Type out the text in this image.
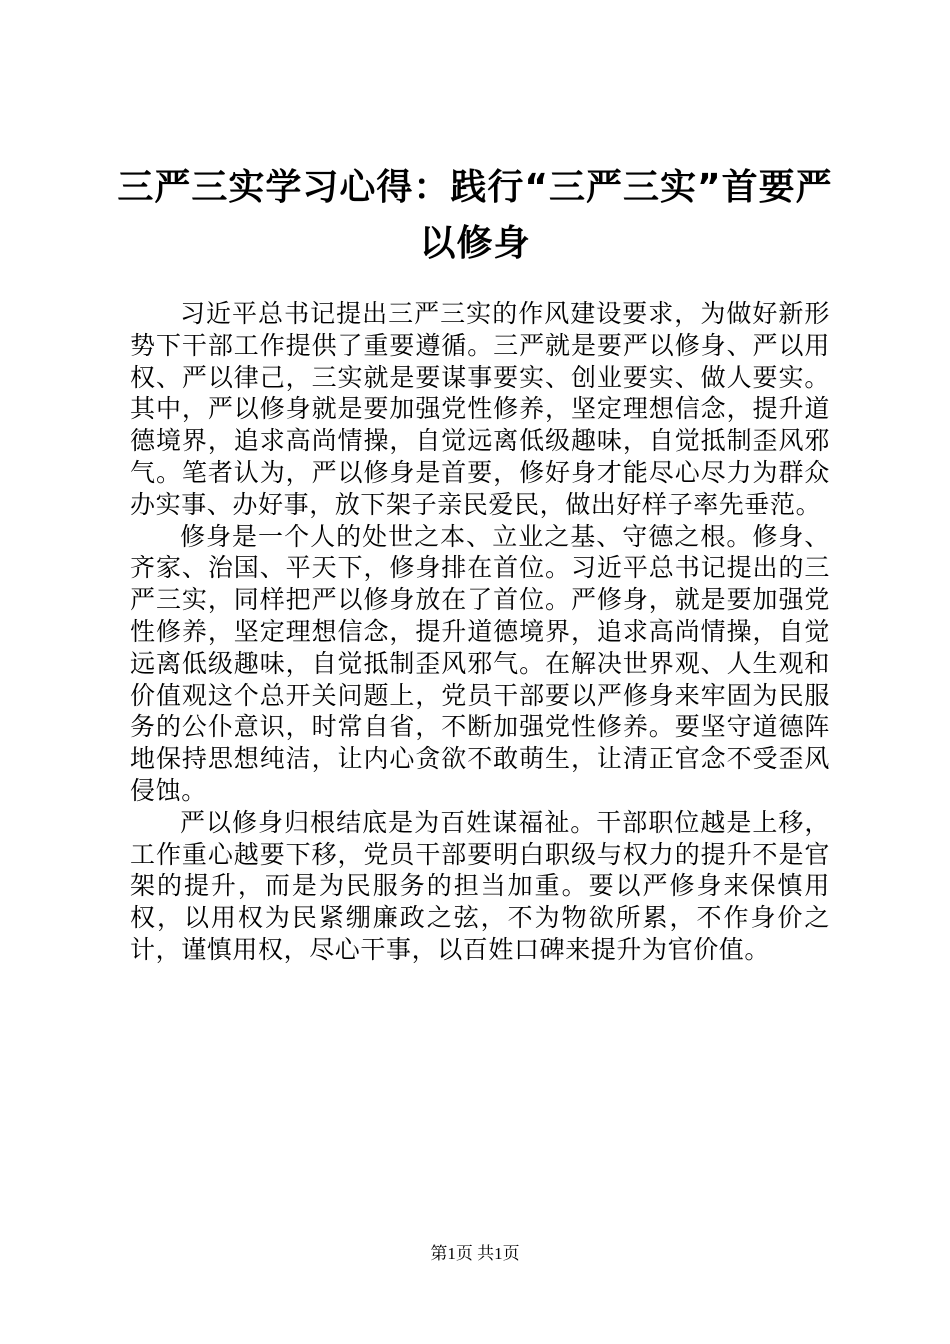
三严三实学习心得：践行“三严三实”首要严以修身

习近平总书记提出三严三实的作风建设要求，为做好新形势下干部工作提供了重要遵循。三严就是要严以修身、严以用权、严以律己，三实就是要谋事要实、创业要实、做人要实。其中，严以修身就是要加强党性修养，坚定理想信念，提升道德境界，追求高尚情操，自觉远离低级趣味，自觉抵制歪风邪气。笔者认为，严以修身是首要，修好身才能尽心尽力为群众办实事、办好事，放下架子亲民爱民，做出好样子率先垂范。

修身是一个人的处世之本、立业之基、守德之根。修身、齐家、治国、平天下，修身排在首位。习近平总书记提出的三严三实，同样把严以修身放在了首位。严修身，就是要加强党性修养，坚定理想信念，提升道德境界，追求高尚情操，自觉远离低级趣味，自觉抵制歪风邪气。在解决世界观、人生观和价值观这个总开关问题上，党员干部要以严修身来牢固为民服务的公仆意识，时常自省，不断加强党性修养。要坚守道德阵地保持思想纯洁，让内心贪欲不敢萌生，让清正官念不受歪风侵蚀。

严以修身归根结底是为百姓谋福祉。干部职位越是上移，工作重心越要下移，党员干部要明白职级与权力的提升不是官架的提升，而是为民服务的担当加重。要以严修身来保慎用权，以用权为民紧绷廉政之弦，不为物欲所累，不作身价之计，谨慎用权，尽心干事，以百姓口碑来提升为官价值。

第1页 共1页
